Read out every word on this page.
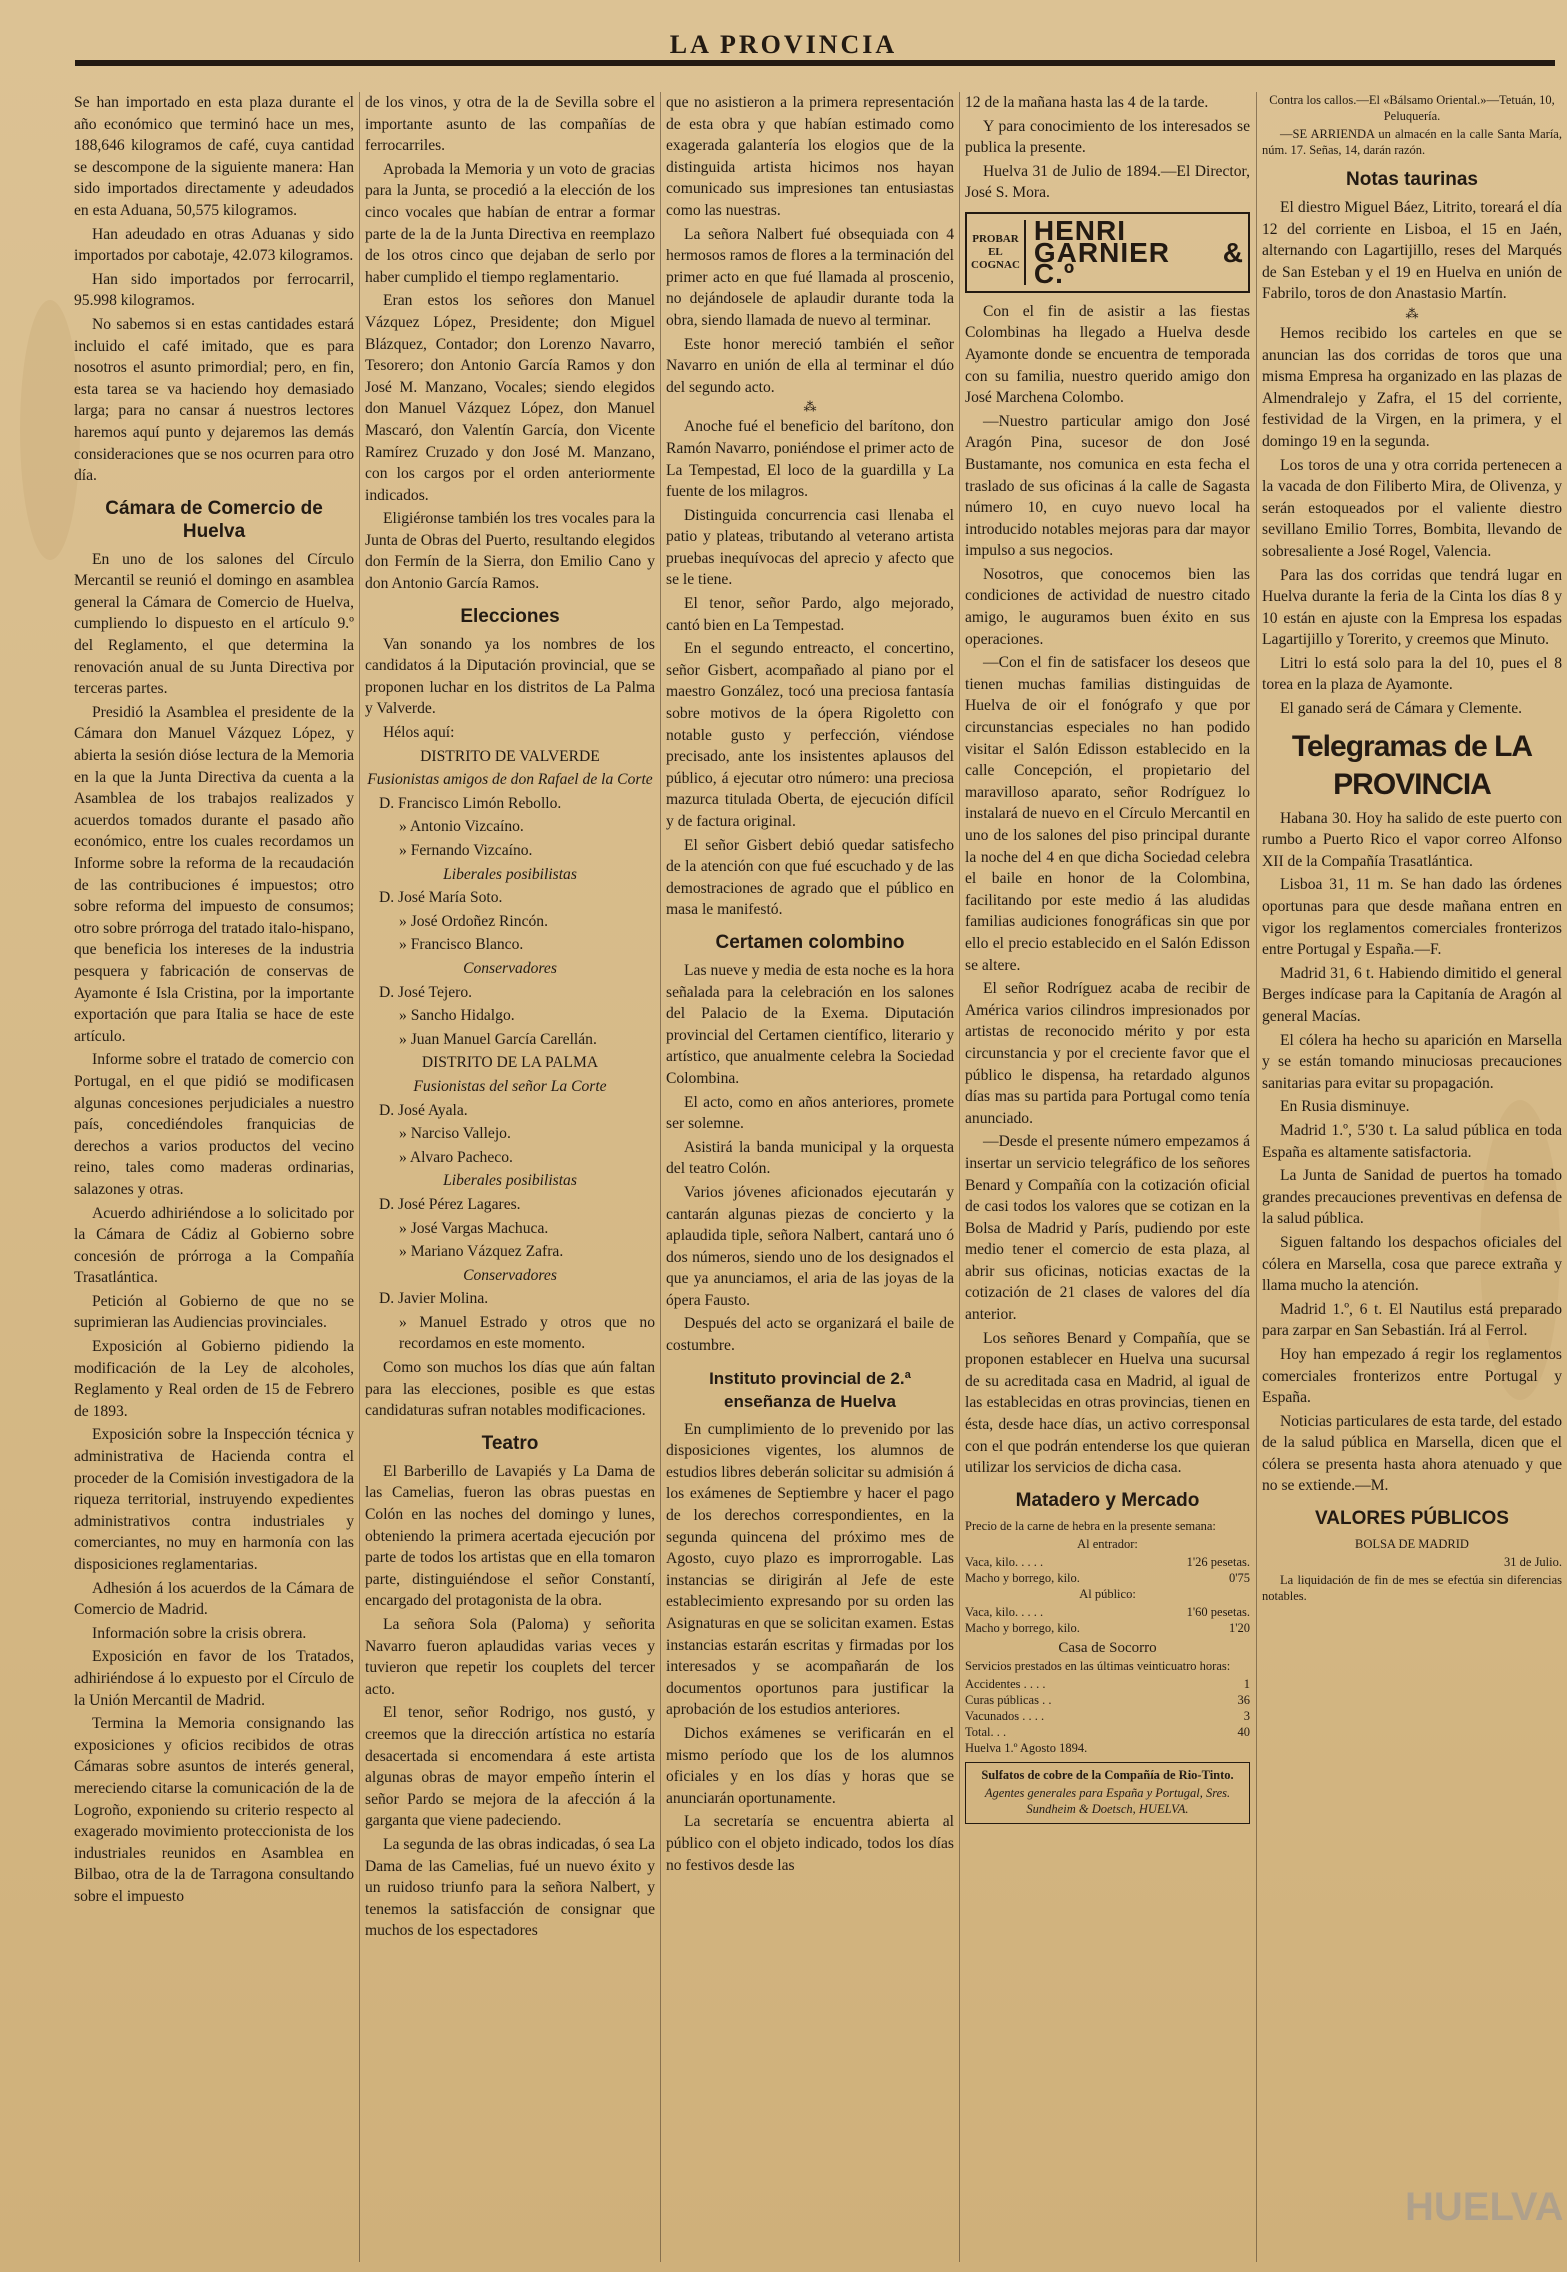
LA PROVINCIA

Se han importado en esta plaza durante el año económico que terminó hace un mes, 188,646 kilogramos de café, cuya cantidad se descompone de la siguiente manera: Han sido importados directamente y adeudados en esta Aduana, 50,575 kilogramos.

Han adeudado en otras Aduanas y sido importados por cabotaje, 42.073 kilogramos.

Han sido importados por ferrocarril, 95.998 kilogramos.

No sabemos si en estas cantidades estará incluido el café imitado, que es para nosotros el asunto primordial; pero, en fin, esta tarea se va haciendo hoy demasiado larga; para no cansar á nuestros lectores haremos aquí punto y dejaremos las demás consideraciones que se nos ocurren para otro día.

Cámara de Comercio de Huelva

En uno de los salones del Círculo Mercantil se reunió el domingo en asamblea general la Cámara de Comercio de Huelva, cumpliendo lo dispuesto en el artículo 9.º del Reglamento, el que determina la renovación anual de su Junta Directiva por terceras partes.

Presidió la Asamblea el presidente de la Cámara don Manuel Vázquez López, y abierta la sesión dióse lectura de la Memoria en la que la Junta Directiva da cuenta a la Asamblea de los trabajos realizados y acuerdos tomados durante el pasado año económico, entre los cuales recordamos un Informe sobre la reforma de la recaudación de las contribuciones é impuestos; otro sobre reforma del impuesto de consumos; otro sobre prórroga del tratado italo-hispano, que beneficia los intereses de la industria pesquera y fabricación de conservas de Ayamonte é Isla Cristina, por la importante exportación que para Italia se hace de este artículo.

Informe sobre el tratado de comercio con Portugal, en el que pidió se modificasen algunas concesiones perjudiciales a nuestro país, concediéndoles franquicias de derechos a varios productos del vecino reino, tales como maderas ordinarias, salazones y otras.

Acuerdo adhiriéndose a lo solicitado por la Cámara de Cádiz al Gobierno sobre concesión de prórroga a la Compañía Trasatlántica.

Petición al Gobierno de que no se suprimieran las Audiencias provinciales.

Exposición al Gobierno pidiendo la modificación de la Ley de alcoholes, Reglamento y Real orden de 15 de Febrero de 1893.

Exposición sobre la Inspección técnica y administrativa de Hacienda contra el proceder de la Comisión investigadora de la riqueza territorial, instruyendo expedientes administrativos contra industriales y comerciantes, no muy en harmonía con las disposiciones reglamentarias.

Adhesión á los acuerdos de la Cámara de Comercio de Madrid.

Información sobre la crisis obrera.

Exposición en favor de los Tratados, adhiriéndose á lo expuesto por el Círculo de la Unión Mercantil de Madrid.

Termina la Memoria consignando las exposiciones y oficios recibidos de otras Cámaras sobre asuntos de interés general, mereciendo citarse la comunicación de la de Logroño, exponiendo su criterio respecto al exagerado movimiento proteccionista de los industriales reunidos en Asamblea en Bilbao, otra de la de Tarragona consultando sobre el impuesto

de los vinos, y otra de la de Sevilla sobre el importante asunto de las compañías de ferrocarriles.

Aprobada la Memoria y un voto de gracias para la Junta, se procedió a la elección de los cinco vocales que habían de entrar a formar parte de la de la Junta Directiva en reemplazo de los otros cinco que dejaban de serlo por haber cumplido el tiempo reglamentario.

Eran estos los señores don Manuel Vázquez López, Presidente; don Miguel Blázquez, Contador; don Lorenzo Navarro, Tesorero; don Antonio García Ramos y don José M. Manzano, Vocales; siendo elegidos don Manuel Vázquez López, don Manuel Mascaró, don Valentín García, don Vicente Ramírez Cruzado y don José M. Manzano, con los cargos por el orden anteriormente indicados.

Eligiéronse también los tres vocales para la Junta de Obras del Puerto, resultando elegidos don Fermín de la Sierra, don Emilio Cano y don Antonio García Ramos.

Elecciones

Van sonando ya los nombres de los candidatos á la Diputación provincial, que se proponen luchar en los distritos de La Palma y Valverde.

Hélos aquí:

DISTRITO DE VALVERDE

Fusionistas amigos de don Rafael de la Corte

D. Francisco Limón Rebollo.

» Antonio Vizcaíno.

» Fernando Vizcaíno.

Liberales posibilistas

D. José María Soto.

» José Ordoñez Rincón.

» Francisco Blanco.

Conservadores

D. José Tejero.

» Sancho Hidalgo.

» Juan Manuel García Carellán.

DISTRITO DE LA PALMA

Fusionistas del señor La Corte

D. José Ayala.

» Narciso Vallejo.

» Alvaro Pacheco.

Liberales posibilistas

D. José Pérez Lagares.

» José Vargas Machuca.

» Mariano Vázquez Zafra.

Conservadores

D. Javier Molina.

» Manuel Estrado y otros que no recordamos en este momento.

Como son muchos los días que aún faltan para las elecciones, posible es que estas candidaturas sufran notables modificaciones.

Teatro

El Barberillo de Lavapiés y La Dama de las Camelias, fueron las obras puestas en Colón en las noches del domingo y lunes, obteniendo la primera acertada ejecución por parte de todos los artistas que en ella tomaron parte, distinguiéndose el señor Constantí, encargado del protagonista de la obra.

La señora Sola (Paloma) y señorita Navarro fueron aplaudidas varias veces y tuvieron que repetir los couplets del tercer acto.

El tenor, señor Rodrigo, nos gustó, y creemos que la dirección artística no estaría desacertada si encomendara á este artista algunas obras de mayor empeño ínterin el señor Pardo se mejora de la afección á la garganta que viene padeciendo.

La segunda de las obras indicadas, ó sea La Dama de las Camelias, fué un nuevo éxito y un ruidoso triunfo para la señora Nalbert, y tenemos la satisfacción de consignar que muchos de los espectadores

que no asistieron a la primera representación de esta obra y que habían estimado como exagerada galantería los elogios que de la distinguida artista hicimos nos hayan comunicado sus impresiones tan entusiastas como las nuestras.

La señora Nalbert fué obsequiada con 4 hermosos ramos de flores a la terminación del primer acto en que fué llamada al proscenio, no dejándosele de aplaudir durante toda la obra, siendo llamada de nuevo al terminar.

Este honor mereció también el señor Navarro en unión de ella al terminar el dúo del segundo acto.

⁂

Anoche fué el beneficio del barítono, don Ramón Navarro, poniéndose el primer acto de La Tempestad, El loco de la guardilla y La fuente de los milagros.

Distinguida concurrencia casi llenaba el patio y plateas, tributando al veterano artista pruebas inequívocas del aprecio y afecto que se le tiene.

El tenor, señor Pardo, algo mejorado, cantó bien en La Tempestad.

En el segundo entreacto, el concertino, señor Gisbert, acompañado al piano por el maestro González, tocó una preciosa fantasía sobre motivos de la ópera Rigoletto con notable gusto y perfección, viéndose precisado, ante los insistentes aplausos del público, á ejecutar otro número: una preciosa mazurca titulada Oberta, de ejecución difícil y de factura original.

El señor Gisbert debió quedar satisfecho de la atención con que fué escuchado y de las demostraciones de agrado que el público en masa le manifestó.

Certamen colombino

Las nueve y media de esta noche es la hora señalada para la celebración en los salones del Palacio de la Exema. Diputación provincial del Certamen científico, literario y artístico, que anualmente celebra la Sociedad Colombina.

El acto, como en años anteriores, promete ser solemne.

Asistirá la banda municipal y la orquesta del teatro Colón.

Varios jóvenes aficionados ejecutarán y cantarán algunas piezas de concierto y la aplaudida tiple, señora Nalbert, cantará uno ó dos números, siendo uno de los designados el que ya anunciamos, el aria de las joyas de la ópera Fausto.

Después del acto se organizará el baile de costumbre.

Instituto provincial de 2.ª enseñanza de Huelva

En cumplimiento de lo prevenido por las disposiciones vigentes, los alumnos de estudios libres deberán solicitar su admisión á los exámenes de Septiembre y hacer el pago de los derechos correspondientes, en la segunda quincena del próximo mes de Agosto, cuyo plazo es improrrogable. Las instancias se dirigirán al Jefe de este establecimiento expresando por su orden las Asignaturas en que se solicitan examen. Estas instancias estarán escritas y firmadas por los interesados y se acompañarán de los documentos oportunos para justificar la aprobación de los estudios anteriores.

Dichos exámenes se verificarán en el mismo período que los de los alumnos oficiales y en los días y horas que se anunciarán oportunamente.

La secretaría se encuentra abierta al público con el objeto indicado, todos los días no festivos desde las

12 de la mañana hasta las 4 de la tarde.

Y para conocimiento de los interesados se publica la presente.

Huelva 31 de Julio de 1894.—El Director, José S. Mora.

PROBAR EL COGNAC
HENRI GARNIER & C.º

Con el fin de asistir a las fiestas Colombinas ha llegado a Huelva desde Ayamonte donde se encuentra de temporada con su familia, nuestro querido amigo don José Marchena Colombo.

—Nuestro particular amigo don José Aragón Pina, sucesor de don José Bustamante, nos comunica en esta fecha el traslado de sus oficinas á la calle de Sagasta número 10, en cuyo nuevo local ha introducido notables mejoras para dar mayor impulso a sus negocios.

Nosotros, que conocemos bien las condiciones de actividad de nuestro citado amigo, le auguramos buen éxito en sus operaciones.

—Con el fin de satisfacer los deseos que tienen muchas familias distinguidas de Huelva de oir el fonógrafo y que por circunstancias especiales no han podido visitar el Salón Edisson establecido en la calle Concepción, el propietario del maravilloso aparato, señor Rodríguez lo instalará de nuevo en el Círculo Mercantil en uno de los salones del piso principal durante la noche del 4 en que dicha Sociedad celebra el baile en honor de la Colombina, facilitando por este medio á las aludidas familias audiciones fonográficas sin que por ello el precio establecido en el Salón Edisson se altere.

El señor Rodríguez acaba de recibir de América varios cilindros impresionados por artistas de reconocido mérito y por esta circunstancia y por el creciente favor que el público le dispensa, ha retardado algunos días mas su partida para Portugal como tenía anunciado.

—Desde el presente número empezamos á insertar un servicio telegráfico de los señores Benard y Compañía con la cotización oficial de casi todos los valores que se cotizan en la Bolsa de Madrid y París, pudiendo por este medio tener el comercio de esta plaza, al abrir sus oficinas, noticias exactas de la cotización de 21 clases de valores del día anterior.

Los señores Benard y Compañía, que se proponen establecer en Huelva una sucursal de su acreditada casa en Madrid, al igual de las establecidas en otras provincias, tienen en ésta, desde hace días, un activo corresponsal con el que podrán entenderse los que quieran utilizar los servicios de dicha casa.

Matadero y Mercado

Precio de la carne de hebra en la presente semana:

Al entrador:

Vaca, kilo. . . . .	1'26 pesetas.
Macho y borrego, kilo.	0'75

Al público:

Vaca, kilo. . . . .	1'60 pesetas.
Macho y borrego, kilo.	1'20

Casa de Socorro

Servicios prestados en las últimas veinticuatro horas:

Accidentes . . . .	1
Curas públicas . .	36
Vacunados . . . .	3
Total. . .	40

Huelva 1.º Agosto 1894.

Sulfatos de cobre de la Compañía de Rio-Tinto.

Agentes generales para España y Portugal, Sres. Sundheim & Doetsch, HUELVA.

Contra los callos.—El «Bálsamo Oriental.»—Tetuán, 10, Peluquería.

—SE ARRIENDA un almacén en la calle Santa María, núm. 17. Señas, 14, darán razón.

Notas taurinas

El diestro Miguel Báez, Litrito, toreará el día 12 del corriente en Lisboa, el 15 en Jaén, alternando con Lagartijillo, reses del Marqués de San Esteban y el 19 en Huelva en unión de Fabrilo, toros de don Anastasio Martín.

⁂

Hemos recibido los carteles en que se anuncian las dos corridas de toros que una misma Empresa ha organizado en las plazas de Almendralejo y Zafra, el 15 del corriente, festividad de la Virgen, en la primera, y el domingo 19 en la segunda.

Los toros de una y otra corrida pertenecen a la vacada de don Filiberto Mira, de Olivenza, y serán estoqueados por el valiente diestro sevillano Emilio Torres, Bombita, llevando de sobresaliente a José Rogel, Valencia.

Para las dos corridas que tendrá lugar en Huelva durante la feria de la Cinta los días 8 y 10 están en ajuste con la Empresa los espadas Lagartijillo y Torerito, y creemos que Minuto.

Litri lo está solo para la del 10, pues el 8 torea en la plaza de Ayamonte.

El ganado será de Cámara y Clemente.

Telegramas de LA PROVINCIA

Habana 30. Hoy ha salido de este puerto con rumbo a Puerto Rico el vapor correo Alfonso XII de la Compañía Trasatlántica.

Lisboa 31, 11 m. Se han dado las órdenes oportunas para que desde mañana entren en vigor los reglamentos comerciales fronterizos entre Portugal y España.—F.

Madrid 31, 6 t. Habiendo dimitido el general Berges indícase para la Capitanía de Aragón al general Macías.

El cólera ha hecho su aparición en Marsella y se están tomando minuciosas precauciones sanitarias para evitar su propagación.

En Rusia disminuye.

Madrid 1.º, 5'30 t. La salud pública en toda España es altamente satisfactoria.

La Junta de Sanidad de puertos ha tomado grandes precauciones preventivas en defensa de la salud pública.

Siguen faltando los despachos oficiales del cólera en Marsella, cosa que parece extraña y llama mucho la atención.

Madrid 1.º, 6 t. El Nautilus está preparado para zarpar en San Sebastián. Irá al Ferrol.

Hoy han empezado á regir los reglamentos comerciales fronterizos entre Portugal y España.

Noticias particulares de esta tarde, del estado de la salud pública en Marsella, dicen que el cólera se presenta hasta ahora atenuado y que no se extiende.—M.

VALORES PÚBLICOS

BOLSA DE MADRID

31 de Julio.

La liquidación de fin de mes se efectúa sin diferencias notables.

HUELVA
